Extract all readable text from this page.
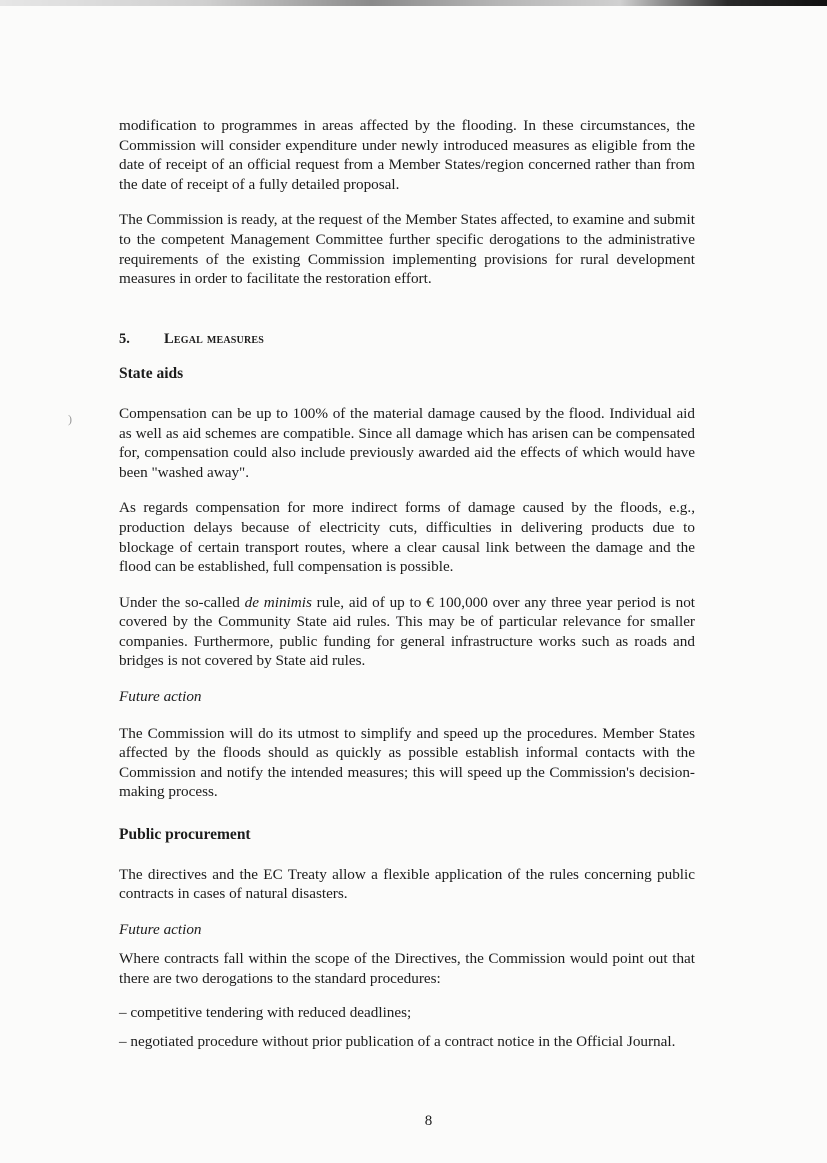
)

modification to programmes in areas affected by the flooding. In these circumstances, the Commission will consider expenditure under newly introduced measures as eligible from the date of receipt of an official request from a Member States/region concerned rather than from the date of receipt of a fully detailed proposal.

The Commission is ready, at the request of the Member States affected, to examine and submit to the competent Management Committee further specific derogations to the administrative requirements of the existing Commission implementing provisions for rural development measures in order to facilitate the restoration effort.

5.	Legal measures
State aids

Compensation can be up to 100% of the material damage caused by the flood. Individual aid as well as aid schemes are compatible. Since all damage which has arisen can be compensated for, compensation could also include previously awarded aid the effects of which would have been "washed away".

As regards compensation for more indirect forms of damage caused by the floods, e.g., production delays because of electricity cuts, difficulties in delivering products due to blockage of certain transport routes, where a clear causal link between the damage and the flood can be established, full compensation is possible.

Under the so-called de minimis rule, aid of up to € 100,000 over any three year period is not covered by the Community State aid rules. This may be of particular relevance for smaller companies. Furthermore, public funding for general infrastructure works such as roads and bridges is not covered by State aid rules.

Future action

The Commission will do its utmost to simplify and speed up the procedures. Member States affected by the floods should as quickly as possible establish informal contacts with the Commission and notify the intended measures; this will speed up the Commission's decision-making process.

Public procurement

The directives and the EC Treaty allow a flexible application of the rules concerning public contracts in cases of natural disasters.

Future action

Where contracts fall within the scope of the Directives, the Commission would point out that there are two derogations to the standard procedures:

– competitive tendering with reduced deadlines;

– negotiated procedure without prior publication of a contract notice in the Official Journal.

8
